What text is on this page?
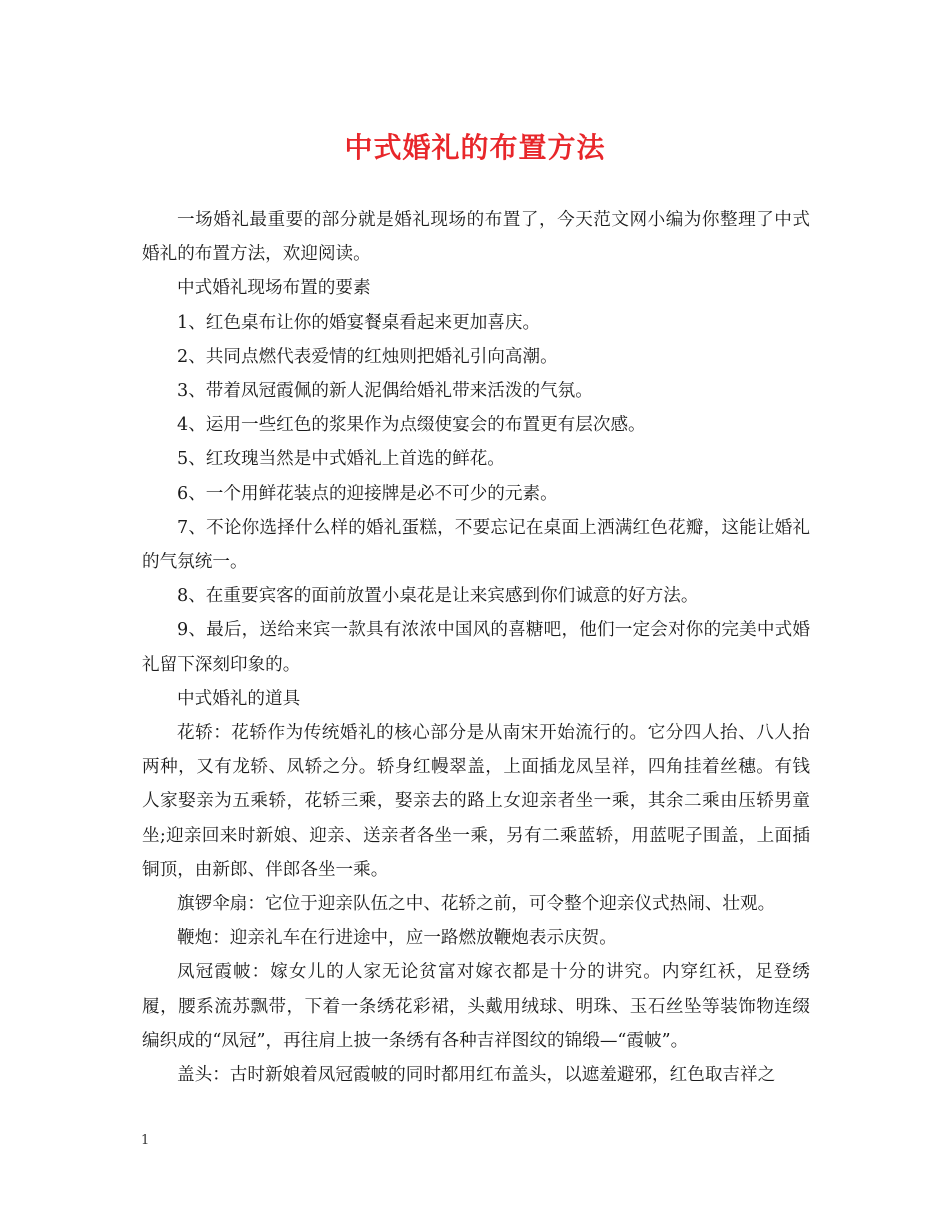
中式婚礼的布置方法

一场婚礼最重要的部分就是婚礼现场的布置了，今天范文网小编为你整理了中式婚礼的布置方法，欢迎阅读。

中式婚礼现场布置的要素

1、红色桌布让你的婚宴餐桌看起来更加喜庆。

2、共同点燃代表爱情的红烛则把婚礼引向高潮。

3、带着凤冠霞佩的新人泥偶给婚礼带来活泼的气氛。

4、运用一些红色的浆果作为点缀使宴会的布置更有层次感。

5、红玫瑰当然是中式婚礼上首选的鲜花。

6、一个用鲜花装点的迎接牌是必不可少的元素。

7、不论你选择什么样的婚礼蛋糕，不要忘记在桌面上洒满红色花瓣，这能让婚礼的气氛统一。

8、在重要宾客的面前放置小桌花是让来宾感到你们诚意的好方法。

9、最后，送给来宾一款具有浓浓中国风的喜糖吧，他们一定会对你的完美中式婚礼留下深刻印象的。

中式婚礼的道具

花轿：花轿作为传统婚礼的核心部分是从南宋开始流行的。它分四人抬、八人抬两种，又有龙轿、凤轿之分。轿身红幔翠盖，上面插龙凤呈祥，四角挂着丝穗。有钱人家娶亲为五乘轿，花轿三乘，娶亲去的路上女迎亲者坐一乘，其余二乘由压轿男童坐;迎亲回来时新娘、迎亲、送亲者各坐一乘，另有二乘蓝轿，用蓝呢子围盖，上面插铜顶，由新郎、伴郎各坐一乘。

旗锣伞扇：它位于迎亲队伍之中、花轿之前，可令整个迎亲仪式热闹、壮观。

鞭炮：迎亲礼车在行进途中，应一路燃放鞭炮表示庆贺。

凤冠霞帔：嫁女儿的人家无论贫富对嫁衣都是十分的讲究。内穿红袄，足登绣履，腰系流苏飘带，下着一条绣花彩裙，头戴用绒球、明珠、玉石丝坠等装饰物连缀编织成的“凤冠”，再往肩上披一条绣有各种吉祥图纹的锦缎—“霞帔”。

盖头：古时新娘着凤冠霞帔的同时都用红布盖头，以遮羞避邪，红色取吉祥之

1
